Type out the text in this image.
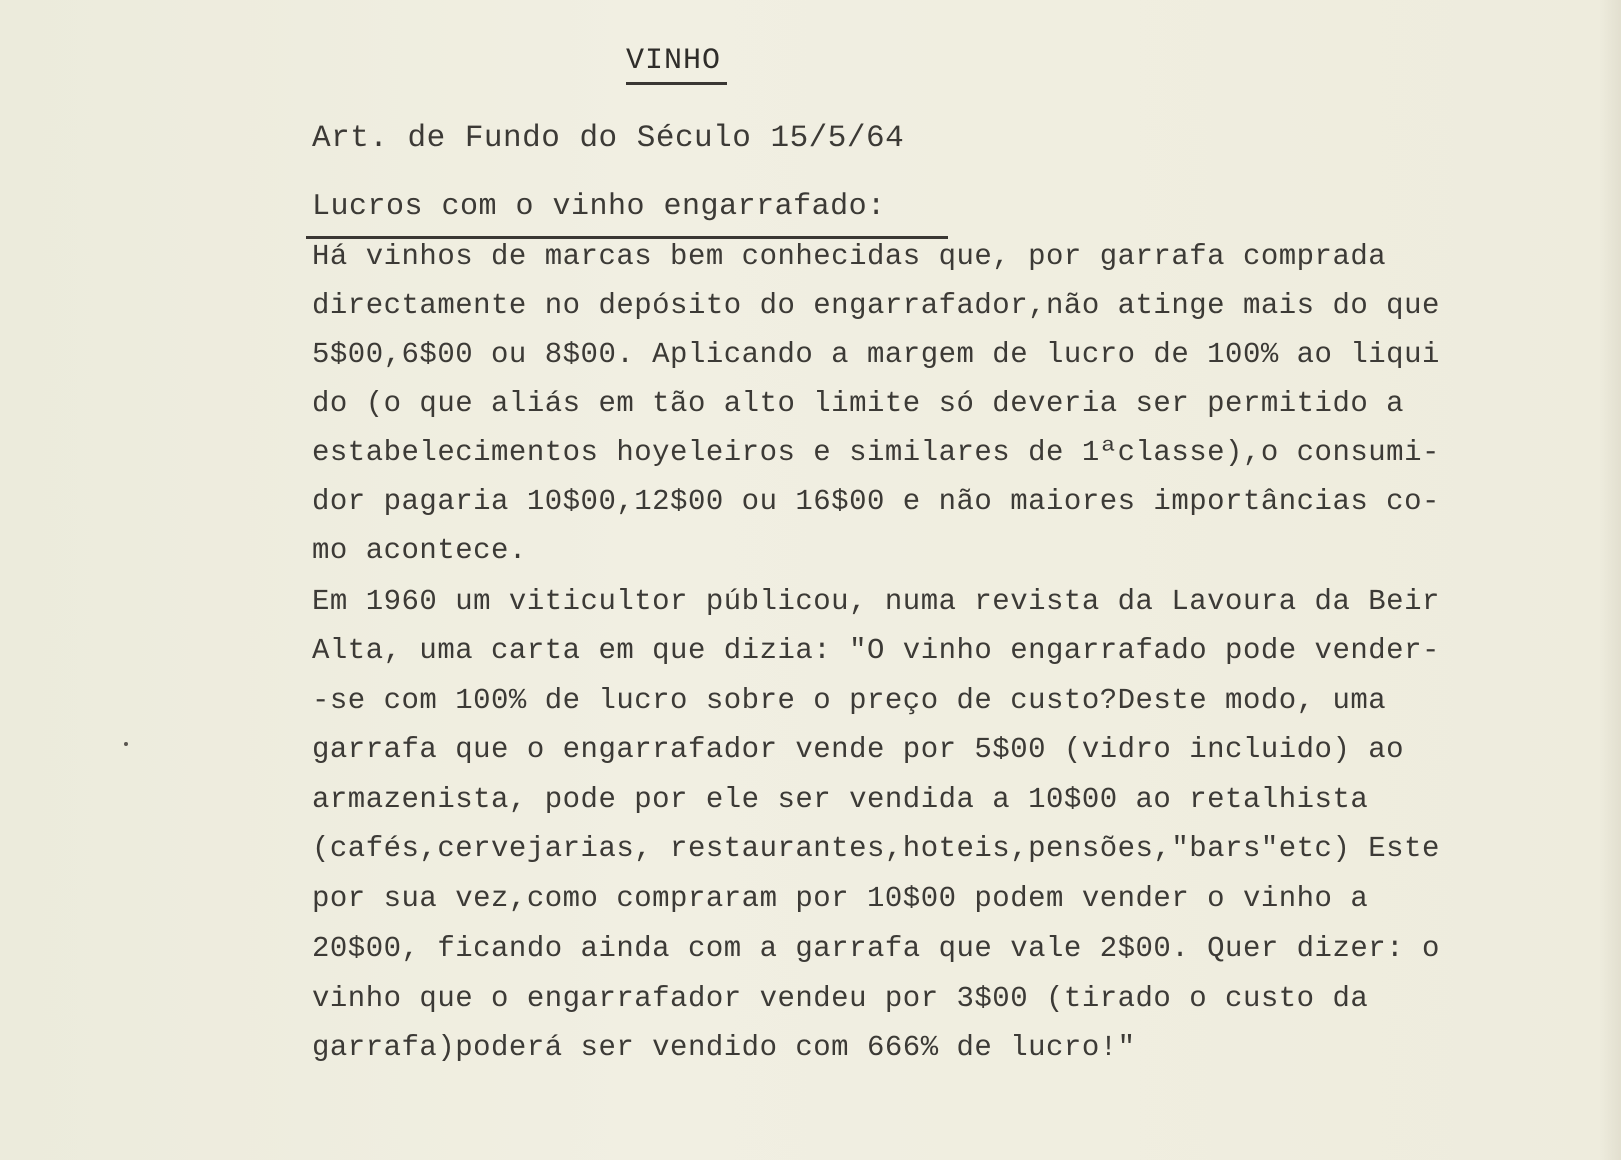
VINHO

Art. de Fundo do Século 15/5/64

Lucros com o vinho engarrafado:

Há vinhos de marcas bem conhecidas que, por garrafa comprada

directamente no depósito do engarrafador,não atinge mais do que

5$00,6$00 ou 8$00. Aplicando a margem de lucro de 100% ao liqui

do (o que aliás em tão alto limite só deveria ser permitido a

estabelecimentos hoyeleiros e similares de 1ªclasse),o consumi-

dor pagaria 10$00,12$00 ou 16$00 e não maiores importâncias co-

mo acontece.

Em 1960 um viticultor públicou, numa revista da Lavoura da Beir

Alta, uma carta em que dizia: "O vinho engarrafado pode vender-

-se com 100% de lucro sobre o preço de custo?Deste modo, uma

garrafa que o engarrafador vende por 5$00 (vidro incluido) ao

armazenista, pode por ele ser vendida a 10$00 ao retalhista

(cafés,cervejarias, restaurantes,hoteis,pensões,"bars"etc) Este

por sua vez,como compraram por 10$00 podem vender o vinho a

20$00, ficando ainda com a garrafa que vale 2$00. Quer dizer: o

vinho que o engarrafador vendeu por 3$00 (tirado o custo da

garrafa)poderá ser vendido com 666% de lucro!"
